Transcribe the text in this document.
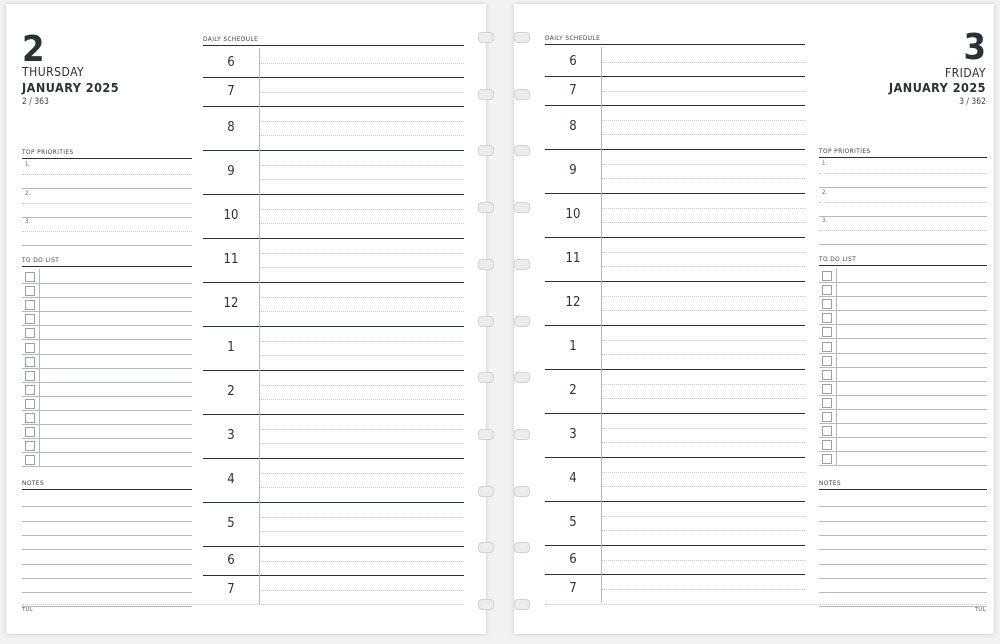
2
THURSDAY
JANUARY 2025
2 / 363
TOP PRIORITIES
1.
2.
3.
TO DO LIST
NOTES
DAILY SCHEDULE
6
7
8
9
10
11
12
1
2
3
4
5
6
7
TUL
3
FRIDAY
JANUARY 2025
3 / 362
TOP PRIORITIES
1.
2.
3.
TO DO LIST
NOTES
DAILY SCHEDULE
6
7
8
9
10
11
12
1
2
3
4
5
6
7
TUL
